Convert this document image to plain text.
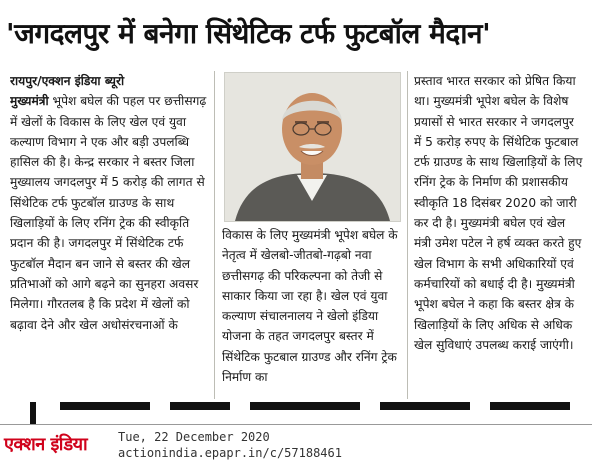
'जगदलपुर में बनेगा सिंथेटिक टर्फ फुटबॉल मैदान'

रायपुर/एक्शन इंडिया ब्यूरो
मुख्यमंत्री भूपेश बघेल की पहल पर छत्तीसगढ़ में खेलों के विकास के लिए खेल एवं युवा कल्याण विभाग ने एक और बड़ी उपलब्धि हासिल की है। केन्द्र सरकार ने बस्तर जिला मुख्यालय जगदलपुर में 5 करोड़ की लागत से सिंथेटिक टर्फ फुटबॉल ग्राउण्ड के साथ खिलाड़ियों के लिए रनिंग ट्रेक की स्वीकृति प्रदान की है। जगदलपुर में सिंथेटिक टर्फ फुटबॉल मैदान बन जाने से बस्तर की खेल प्रतिभाओं को आगे बढ़ने का सुनहरा अवसर मिलेगा। गौरतलब है कि प्रदेश में खेलों को बढ़ावा देने और खेल अधोसंरचनाओं के

विकास के लिए मुख्यमंत्री भूपेश बघेल के नेतृत्व में खेलबो-जीतबो-गढ़बो नवा छत्तीसगढ़ की परिकल्पना को तेजी से साकार किया जा रहा है। खेल एवं युवा कल्याण संचालनालय ने खेलो इंडिया योजना के तहत जगदलपुर बस्तर में सिंथेटिक फुटबाल ग्राउण्ड और रनिंग ट्रेक निर्माण का

प्रस्ताव भारत सरकार को प्रेषित किया था। मुख्यमंत्री भूपेश बघेल के विशेष प्रयासों से भारत सरकार ने जगदलपुर में 5 करोड़ रुपए के सिंथेटिक फुटबाल टर्फ ग्राउण्ड के साथ खिलाड़ियों के लिए रनिंग ट्रेक के निर्माण की प्रशासकीय स्वीकृति 18 दिसंबर 2020 को जारी कर दी है। मुख्यमंत्री बघेल एवं खेल मंत्री उमेश पटेल ने हर्ष व्यक्त करते हुए खेल विभाग के सभी अधिकारियों एवं कर्मचारियों को बधाई दी है। मुख्यमंत्री भूपेश बघेल ने कहा कि बस्तर क्षेत्र के खिलाड़ियों के लिए अधिक से अधिक खेल सुविधाएं उपलब्ध कराई जाएंगी।

एक्शन इंडिया	Tue, 22 December 2020
actionindia.epapr.in/c/57188461
